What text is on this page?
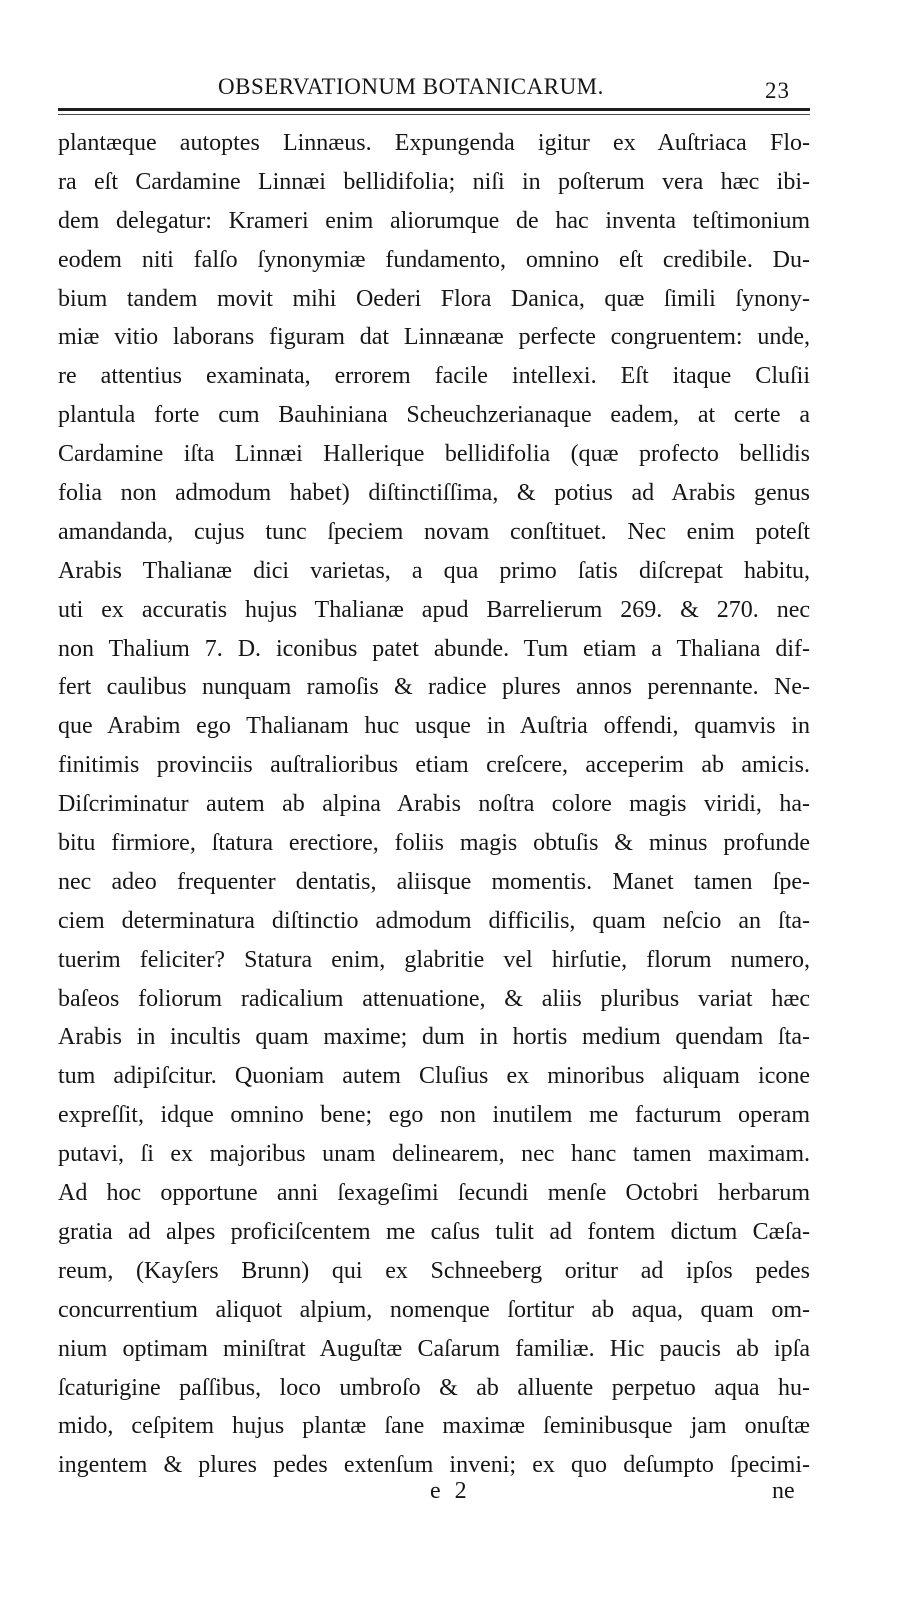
OBSERVATIONUM BOTANICARUM.	23
plantæque autoptes Linnæus. Expungenda igitur ex Auſtriaca Flo-
ra eſt Cardamine Linnæi bellidifolia; niſi in poſterum vera hæc ibi-
dem delegatur: Krameri enim aliorumque de hac inventa teſtimonium
eodem niti falſo ſynonymiæ fundamento, omnino eſt credibile. Du-
bium tandem movit mihi Oederi Flora Danica, quæ ſimili ſynony-
miæ vitio laborans figuram dat Linnæanæ perfecte congruentem: unde,
re attentius examinata, errorem facile intellexi. Eſt itaque Cluſii
plantula forte cum Bauhiniana Scheuchzerianaque eadem, at certe a
Cardamine iſta Linnæi Hallerique bellidifolia (quæ profecto bellidis
folia non admodum habet) diſtinctiſſima, & potius ad Arabis genus
amandanda, cujus tunc ſpeciem novam conſtituet. Nec enim poteſt
Arabis Thalianæ dici varietas, a qua primo ſatis diſcrepat habitu,
uti ex accuratis hujus Thalianæ apud Barrelierum 269. & 270. nec
non Thalium 7. D. iconibus patet abunde. Tum etiam a Thaliana dif-
fert caulibus nunquam ramoſis & radice plures annos perennante. Ne-
que Arabim ego Thalianam huc usque in Auſtria offendi, quamvis in
finitimis provinciis auſtralioribus etiam creſcere, acceperim ab amicis.
Diſcriminatur autem ab alpina Arabis noſtra colore magis viridi, ha-
bitu firmiore, ſtatura erectiore, foliis magis obtuſis & minus profunde
nec adeo frequenter dentatis, aliisque momentis. Manet tamen ſpe-
ciem determinatura diſtinctio admodum difficilis, quam neſcio an ſta-
tuerim feliciter? Statura enim, glabritie vel hirſutie, florum numero,
baſeos foliorum radicalium attenuatione, & aliis pluribus variat hæc
Arabis in incultis quam maxime; dum in hortis medium quendam ſta-
tum adipiſcitur. Quoniam autem Cluſius ex minoribus aliquam icone
expreſſit, idque omnino bene; ego non inutilem me facturum operam
putavi, ſi ex majoribus unam delinearem, nec hanc tamen maximam.
Ad hoc opportune anni ſexageſimi ſecundi menſe Octobri herbarum
gratia ad alpes proficiſcentem me caſus tulit ad fontem dictum Cæſa-
reum, (Kayſers Brunn) qui ex Schneeberg oritur ad ipſos pedes
concurrentium aliquot alpium, nomenque ſortitur ab aqua, quam om-
nium optimam miniſtrat Auguſtæ Caſarum familiæ. Hic paucis ab ipſa
ſcaturigine paſſibus, loco umbroſo & ab alluente perpetuo aqua hu-
mido, ceſpitem hujus plantæ ſane maximæ ſeminibusque jam onuſtæ
ingentem & plures pedes extenſum inveni; ex quo deſumpto ſpecimi-
e 2	ne
